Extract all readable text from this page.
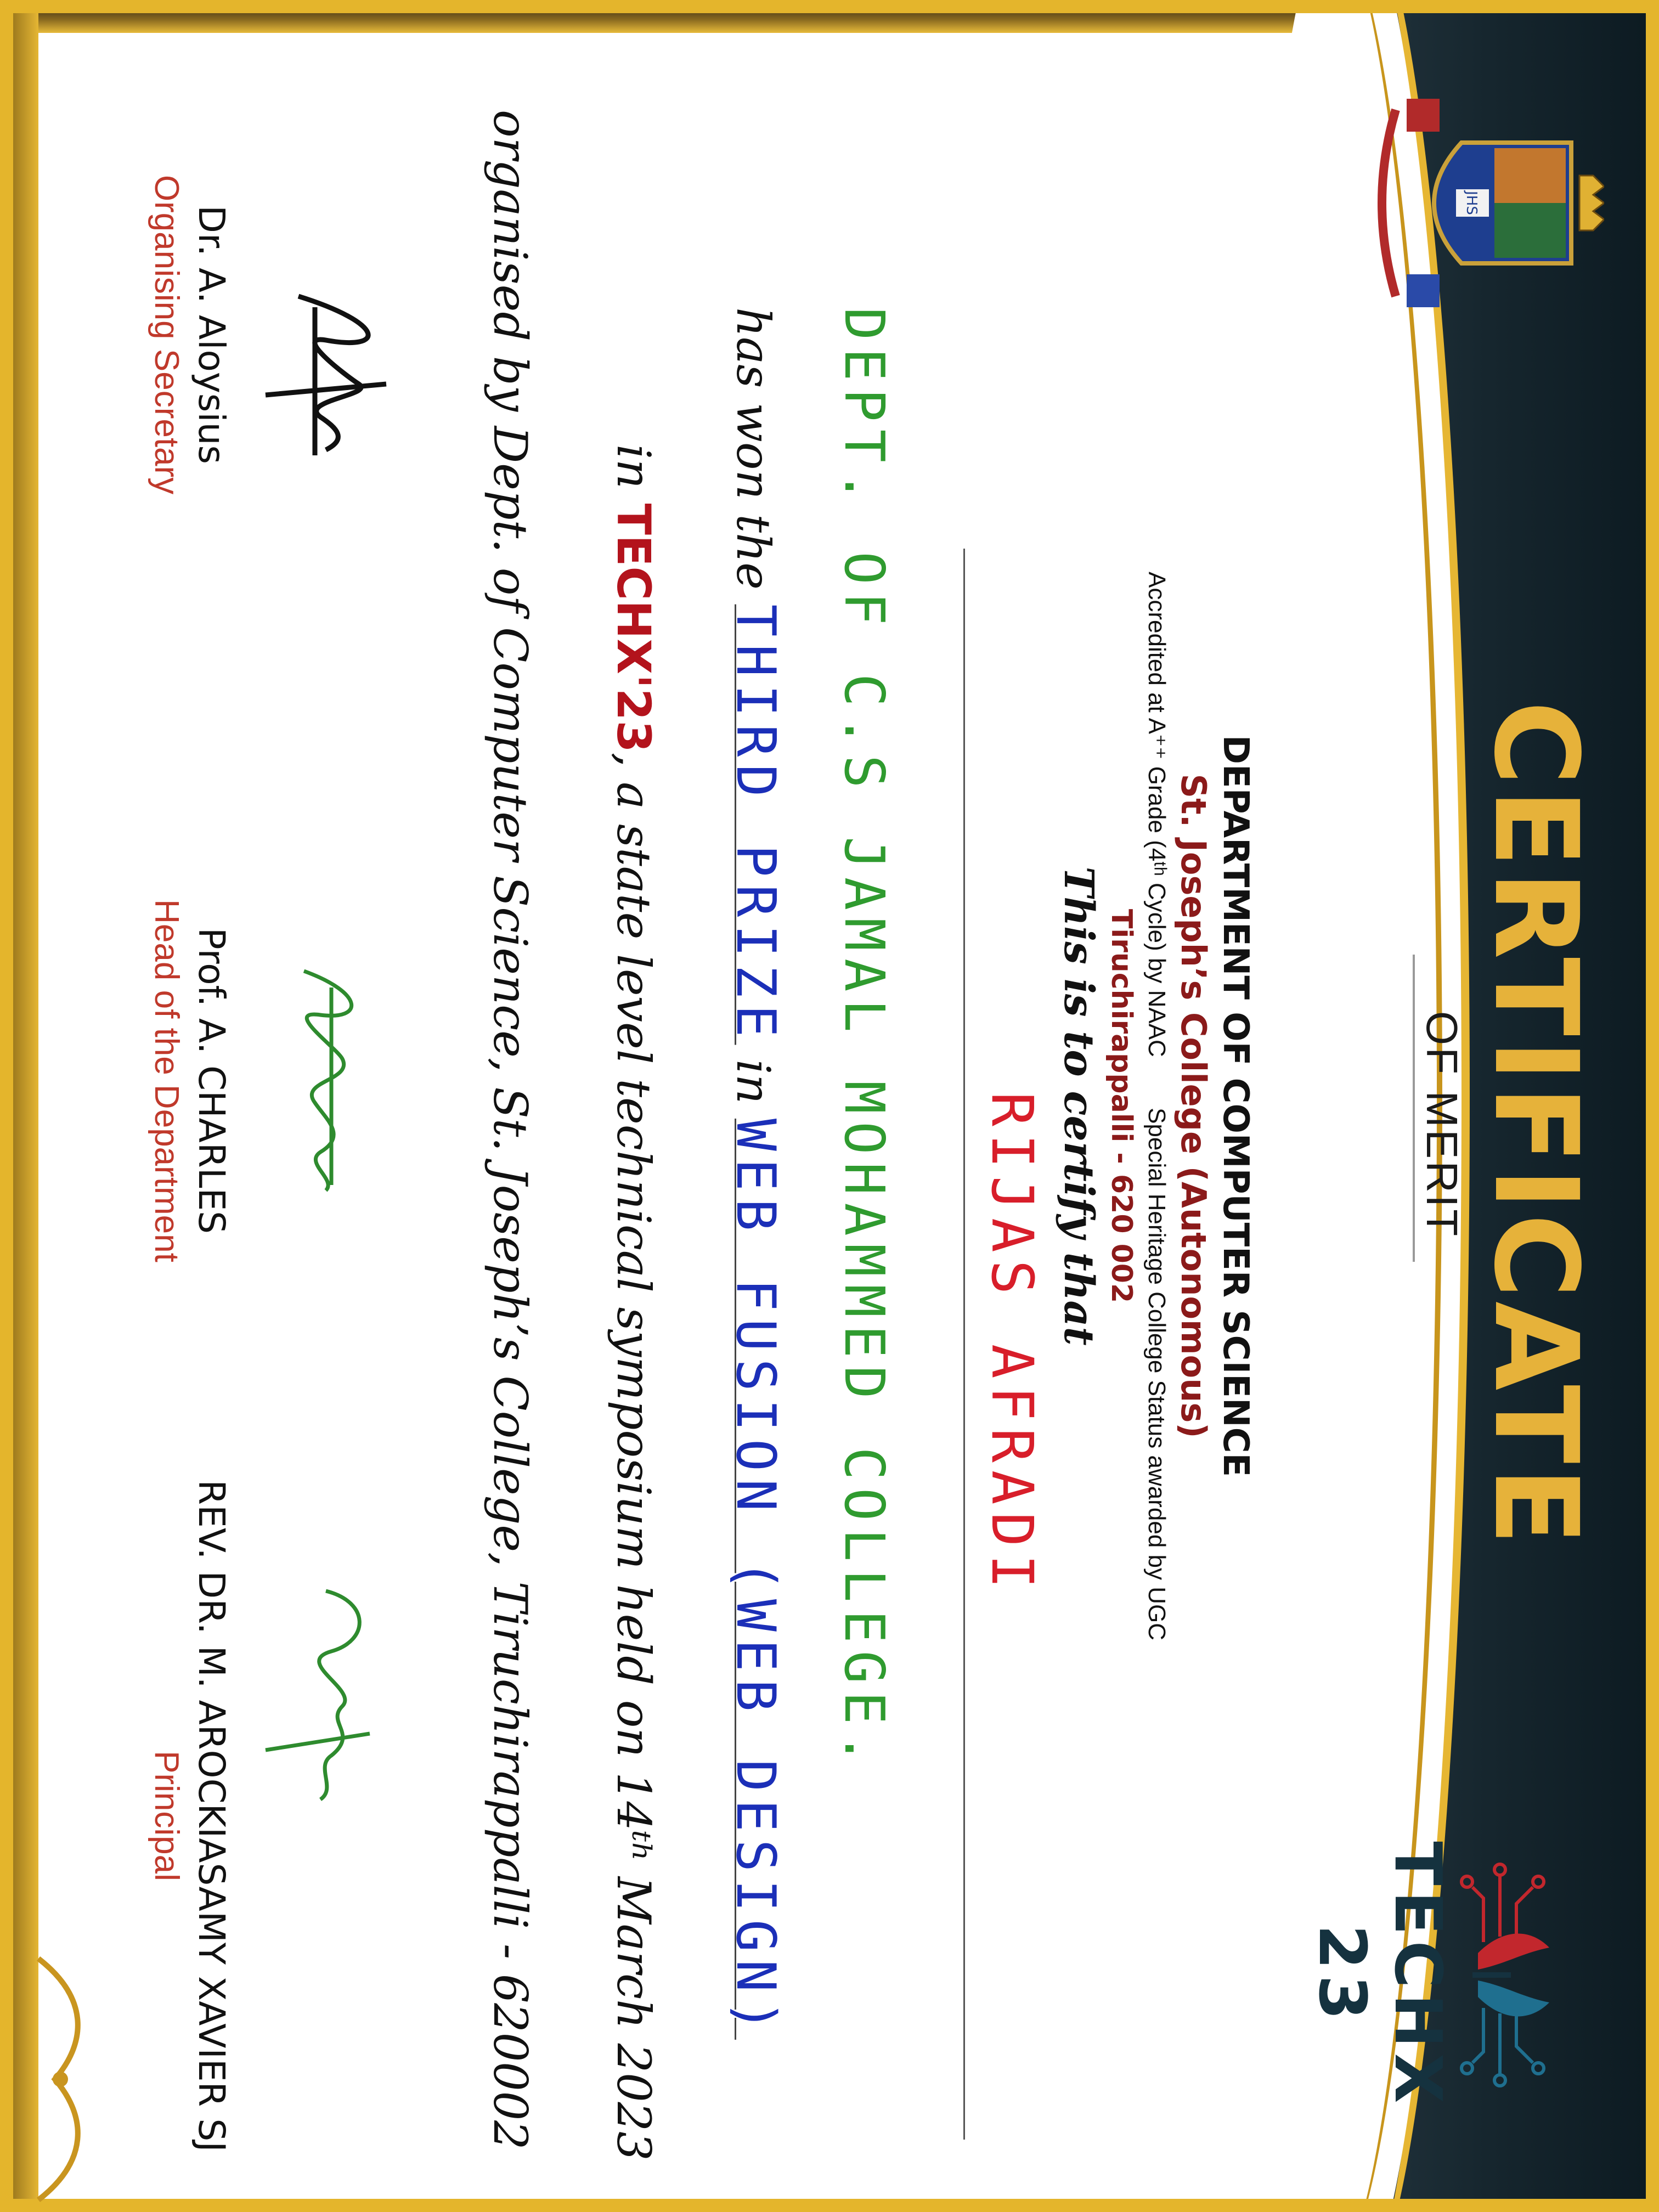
JHS
TECHX 23
CERTIFICATE
OF MERIT
DEPARTMENT OF COMPUTER SCIENCE
St. Joseph’s College (Autonomous)
Accredited at A⁺⁺ Grade (4ᵗʰ Cycle) by NAAC Special Heritage College Status awarded by UGC
Tiruchirappalli - 620 002
This is to certify that
RIJAS AFRADI
DEPT. OF C.S JAMAL MOHAMMED COLLEGE.
has won the THIRD PRIZE in WEB FUSION (WEB DESIGN)
in TECHX'23, a state level technical symposium held on 14ᵗʰ March 2023
organised by Dept. of Computer Science, St. Joseph’s College, Tiruchirappalli - 620002
Dr. A. Aloysius
Organising Secretary
Prof. A. CHARLES
Head of the Department
REV. DR. M. AROCKIASAMY XAVIER SJ
Principal
